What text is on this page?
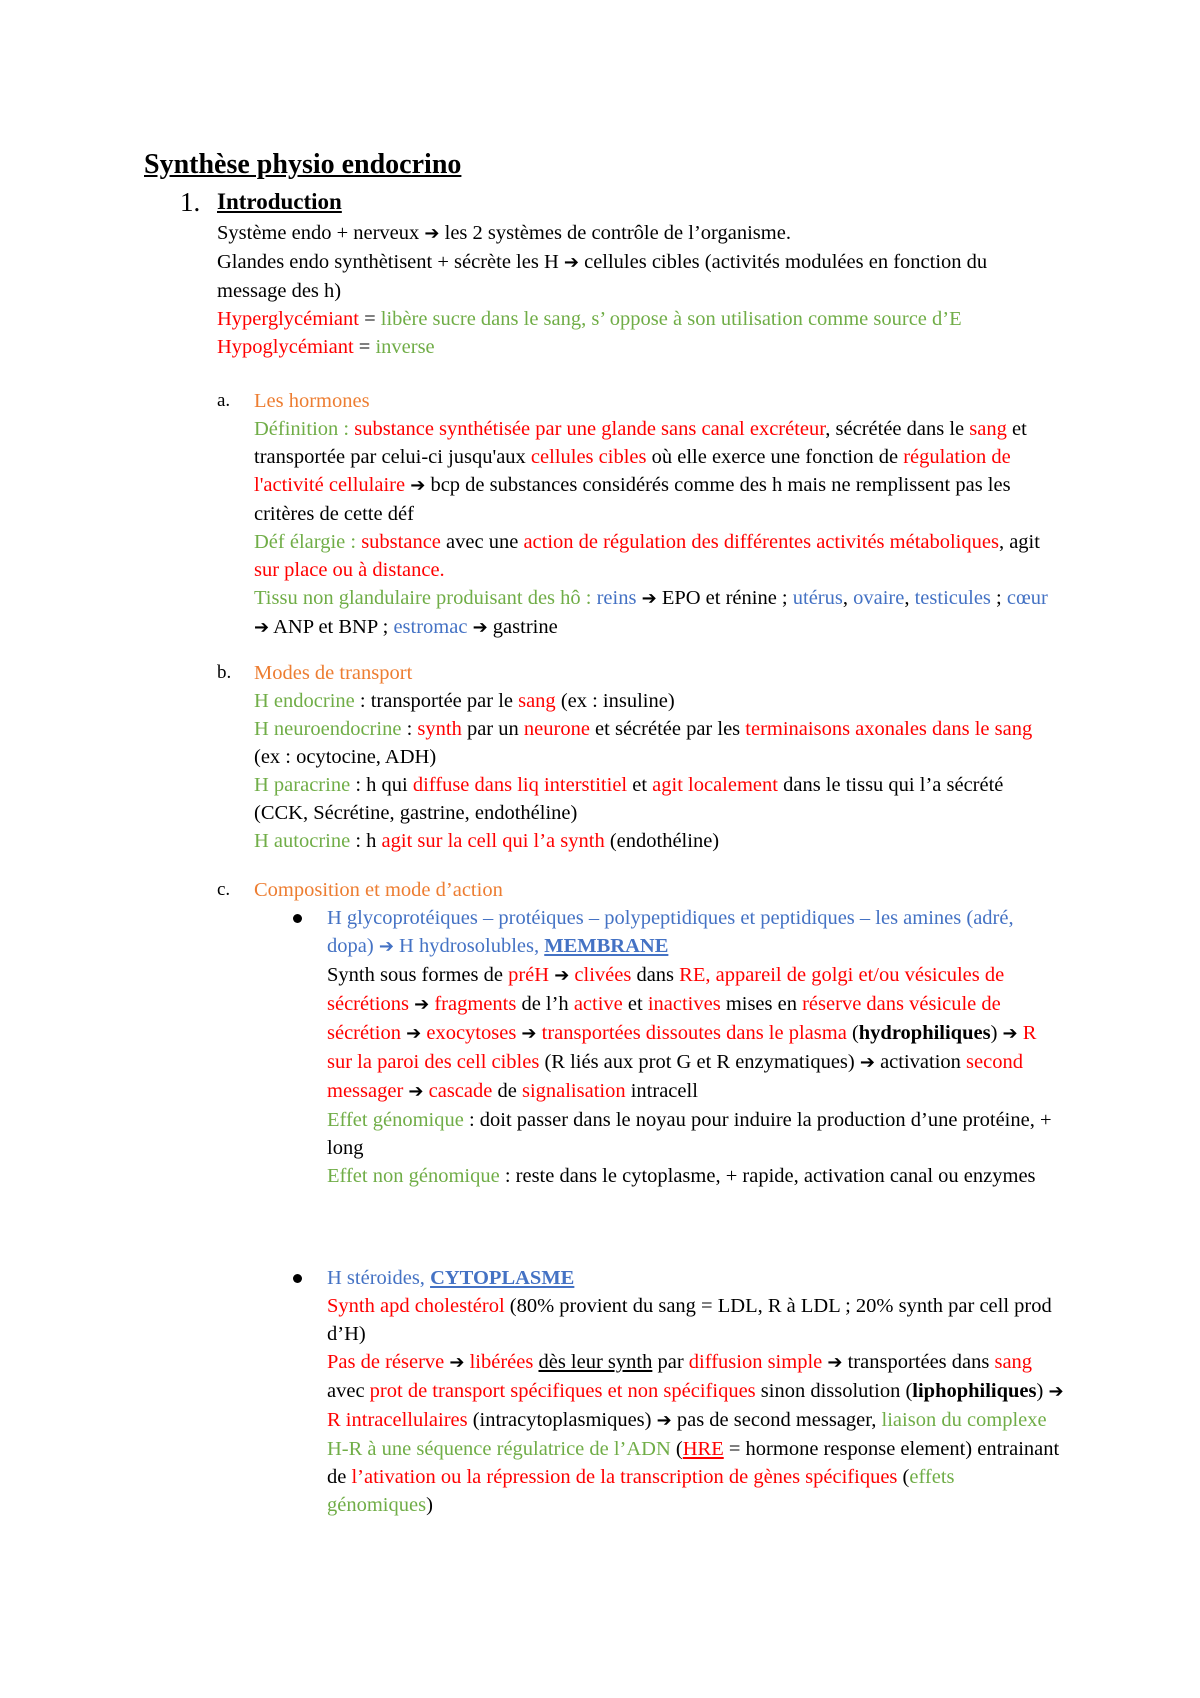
Synthèse physio endocrino
1. Introduction

Système endo + nerveux ➔ les 2 systèmes de contrôle de l’organisme.

Glandes endo synthètisent + sécrète les H ➔ cellules cibles (activités modulées en fonction du message des h)

Hyperglycémiant = libère sucre dans le sang, s’ oppose à son utilisation comme source d’E

Hypoglycémiant = inverse

a. Les hormones

Définition : substance synthétisée par une glande sans canal excréteur, sécrétée dans le sang et transportée par celui-ci jusqu'aux cellules cibles où elle exerce une fonction de régulation de l'activité cellulaire ➔ bcp de substances considérés comme des h mais ne remplissent pas les critères de cette déf

Déf élargie : substance avec une action de régulation des différentes activités métaboliques, agit sur place ou à distance.

Tissu non glandulaire produisant des hô : reins ➔ EPO et rénine ; utérus, ovaire, testicules ; cœur ➔ ANP et BNP ; estromac ➔ gastrine

b. Modes de transport

H endocrine : transportée par le sang (ex : insuline)

H neuroendocrine : synth par un neurone et sécrétée par les terminaisons axonales dans le sang (ex : ocytocine, ADH)

H paracrine : h qui diffuse dans liq interstitiel et agit localement dans le tissu qui l’a sécrété (CCK, Sécrétine, gastrine, endothéline)

H autocrine : h agit sur la cell qui l’a synth (endothéline)

c. Composition et mode d’action

H glycoprotéiques – protéiques – polypeptidiques et peptidiques – les amines (adré, dopa) ➔ H hydrosolubles, MEMBRANE

Synth sous formes de préH ➔ clivées dans RE, appareil de golgi et/ou vésicules de sécrétions ➔ fragments de l’h active et inactives mises en réserve dans vésicule de sécrétion ➔ exocytoses ➔ transportées dissoutes dans le plasma (hydrophiliques) ➔ R sur la paroi des cell cibles (R liés aux prot G et R enzymatiques) ➔ activation second messager ➔ cascade de signalisation intracell

Effet génomique : doit passer dans le noyau pour induire la production d’une protéine, + long

Effet non génomique : reste dans le cytoplasme, + rapide, activation canal ou enzymes

H stéroides, CYTOPLASME

Synth apd cholestérol (80% provient du sang = LDL, R à LDL ; 20% synth par cell prod d’H)

Pas de réserve ➔ libérées dès leur synth par diffusion simple ➔ transportées dans sang avec prot de transport spécifiques et non spécifiques sinon dissolution (liphophiliques) ➔ R intracellulaires (intracytoplasmiques) ➔ pas de second messager, liaison du complexe H-R à une séquence régulatrice de l’ADN (HRE = hormone response element) entrainant de l’ativation ou la répression de la transcription de gènes spécifiques (effets génomiques)
